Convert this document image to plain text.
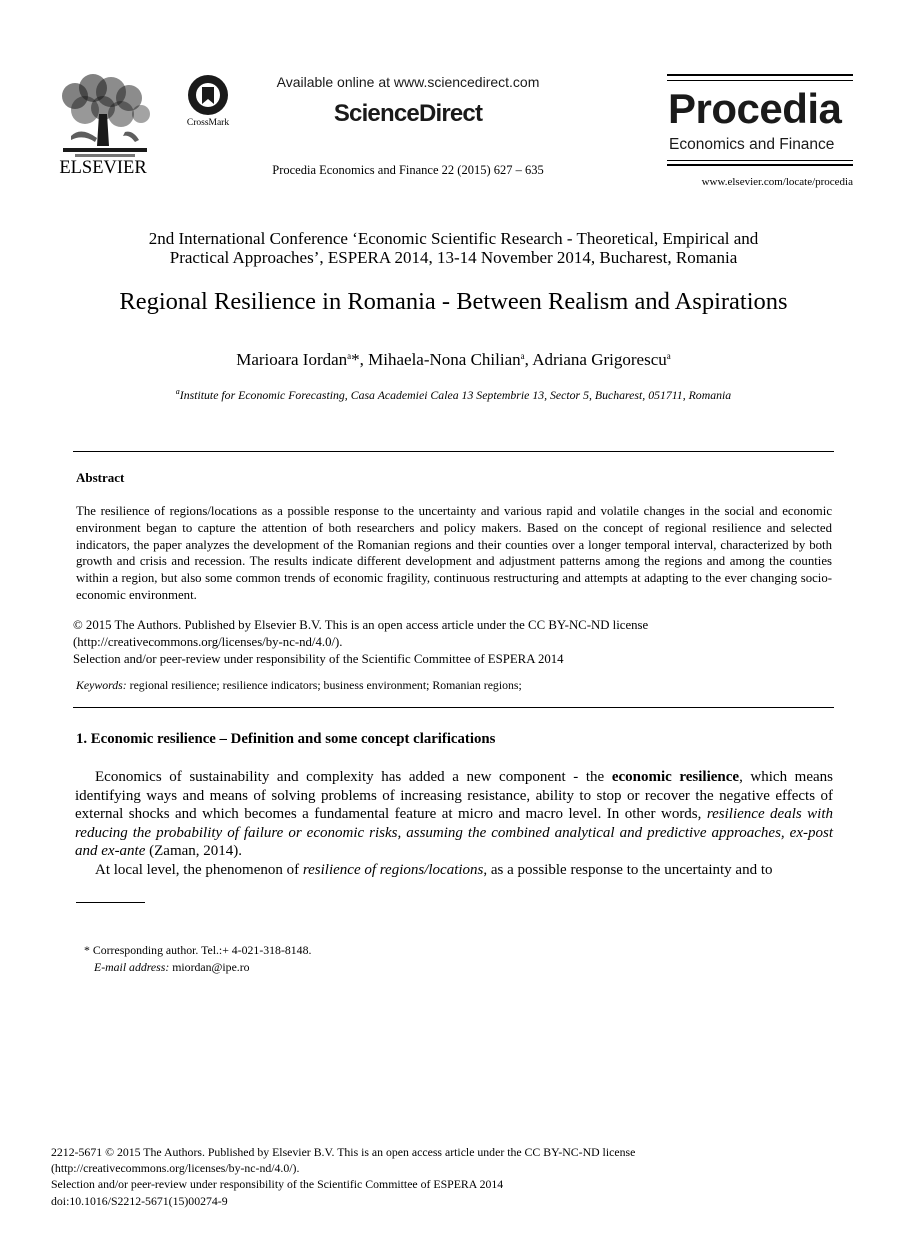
ELSEVIER
CrossMark
Available online at www.sciencedirect.com
ScienceDirect
Procedia Economics and Finance 22 (2015) 627 – 635
Procedia
Economics and Finance
www.elsevier.com/locate/procedia
2nd International Conference ‘Economic Scientific Research - Theoretical, Empirical and
Practical Approaches’, ESPERA 2014, 13-14 November 2014, Bucharest, Romania
Regional Resilience in Romania - Between Realism and Aspirations
Marioara Iordan$^a$*, Mihaela-Nona Chilian$^a$, Adriana Grigorescu$^a$
$^a$Institute for Economic Forecasting, Casa Academiei Calea 13 Septembrie 13, Sector 5, Bucharest, 051711, Romania
Abstract
The resilience of regions/locations as a possible response to the uncertainty and various rapid and volatile changes in the social and economic environment began to capture the attention of both researchers and policy makers. Based on the concept of regional resilience and selected indicators, the paper analyzes the development of the Romanian regions and their counties over a longer temporal interval, characterized by both growth and crisis and recession. The results indicate different development and adjustment patterns among the regions and among the counties within a region, but also some common trends of economic fragility, continuous restructuring and attempts at adapting to the ever changing socio-economic environment.
© 2015 The Authors. Published by Elsevier B.V. This is an open access article under the CC BY-NC-ND license
(http://creativecommons.org/licenses/by-nc-nd/4.0/).
Selection and/or peer-review under responsibility of the Scientific Committee of ESPERA 2014
Keywords: regional resilience; resilience indicators; business environment; Romanian regions;
1. Economic resilience – Definition and some concept clarifications
Economics of sustainability and complexity has added a new component - the economic resilience, which means identifying ways and means of solving problems of increasing resistance, ability to stop or recover the negative effects of external shocks and which becomes a fundamental feature at micro and macro level. In other words, resilience deals with reducing the probability of failure or economic risks, assuming the combined analytical and predictive approaches, ex-post and ex-ante (Zaman, 2014).
At local level, the phenomenon of resilience of regions/locations, as a possible response to the uncertainty and to
* Corresponding author. Tel.:+ 4-021-318-8148.
E-mail address: miordan@ipe.ro
2212-5671 © 2015 The Authors. Published by Elsevier B.V. This is an open access article under the CC BY-NC-ND license
(http://creativecommons.org/licenses/by-nc-nd/4.0/).
Selection and/or peer-review under responsibility of the Scientific Committee of ESPERA 2014
doi:10.1016/S2212-5671(15)00274-9
